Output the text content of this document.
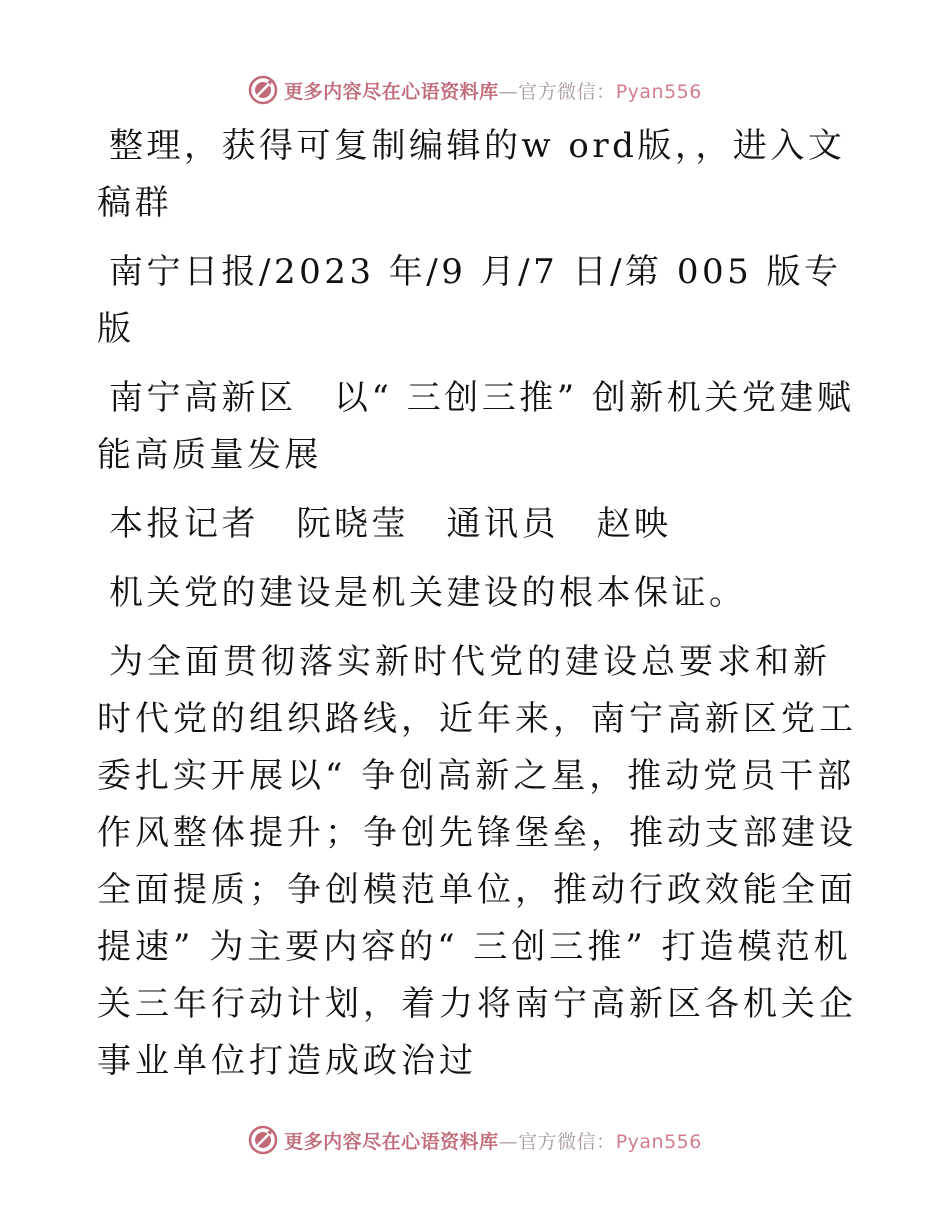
更多内容尽在心语资料库—官方微信：Pyan556

整理，获得可复制编辑的w ord版，，进入文稿群

南宁日报/2023 年/9 月/7 日/第 005 版专版

南宁高新区　以“ 三创三推” 创新机关党建赋能高质量发展

本报记者　阮晓莹　通讯员　赵映

机关党的建设是机关建设的根本保证。

为全面贯彻落实新时代党的建设总要求和新时代党的组织路线，近年来，南宁高新区党工委扎实开展以“ 争创高新之星，推动党员干部作风整体提升；争创先锋堡垒，推动支部建设全面提质；争创模范单位，推动行政效能全面提速” 为主要内容的“ 三创三推” 打造模范机关三年行动计划，着力将南宁高新区各机关企事业单位打造成政治过

更多内容尽在心语资料库—官方微信：Pyan556
